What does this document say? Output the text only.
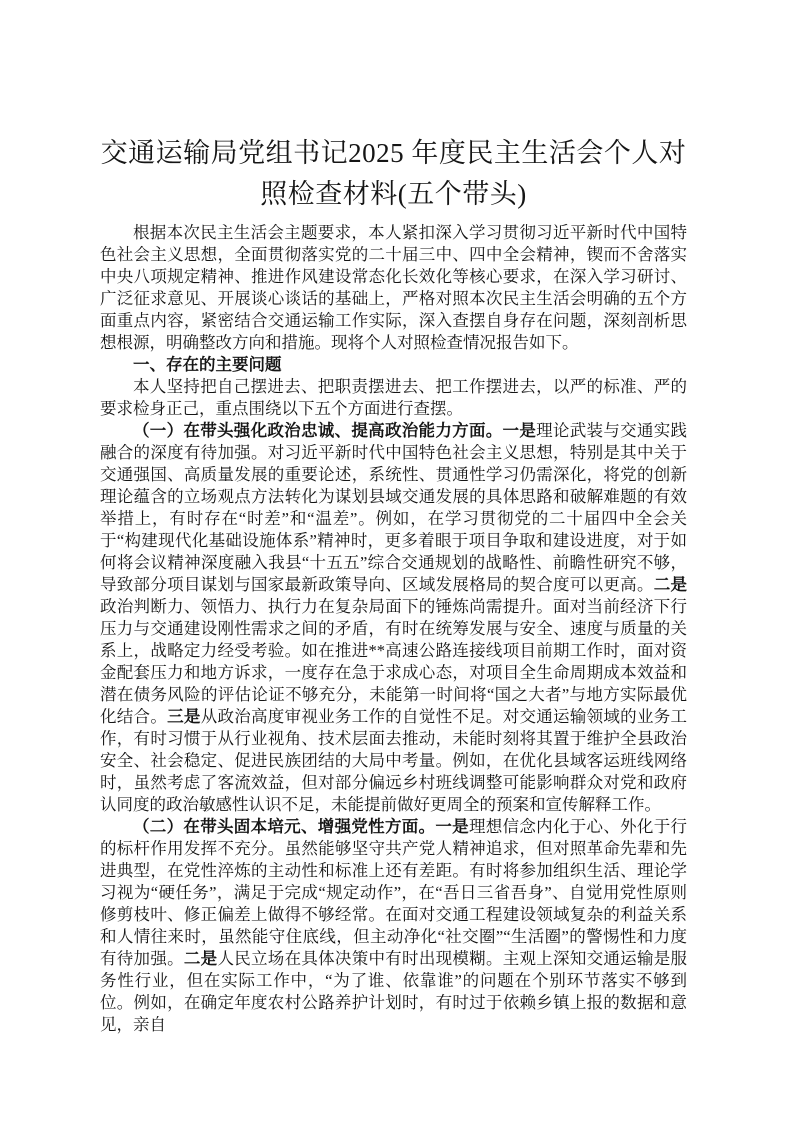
交通运输局党组书记2025 年度民主生活会个人对照检查材料(五个带头)

根据本次民主生活会主题要求，本人紧扣深入学习贯彻习近平新时代中国特色社会主义思想，全面贯彻落实党的二十届三中、四中全会精神，锲而不舍落实中央八项规定精神、推进作风建设常态化长效化等核心要求，在深入学习研讨、广泛征求意见、开展谈心谈话的基础上，严格对照本次民主生活会明确的五个方面重点内容，紧密结合交通运输工作实际，深入查摆自身存在问题，深刻剖析思想根源，明确整改方向和措施。现将个人对照检查情况报告如下。

一、存在的主要问题

本人坚持把自己摆进去、把职责摆进去、把工作摆进去，以严的标准、严的要求检身正己，重点围绕以下五个方面进行查摆。

（一）在带头强化政治忠诚、提高政治能力方面。一是理论武装与交通实践融合的深度有待加强。对习近平新时代中国特色社会主义思想，特别是其中关于交通强国、高质量发展的重要论述，系统性、贯通性学习仍需深化，将党的创新理论蕴含的立场观点方法转化为谋划县域交通发展的具体思路和破解难题的有效举措上，有时存在“时差”和“温差”。例如，在学习贯彻党的二十届四中全会关于“构建现代化基础设施体系”精神时，更多着眼于项目争取和建设进度，对于如何将会议精神深度融入我县“十五五”综合交通规划的战略性、前瞻性研究不够，导致部分项目谋划与国家最新政策导向、区域发展格局的契合度可以更高。二是政治判断力、领悟力、执行力在复杂局面下的锤炼尚需提升。面对当前经济下行压力与交通建设刚性需求之间的矛盾，有时在统筹发展与安全、速度与质量的关系上，战略定力经受考验。如在推进**高速公路连接线项目前期工作时，面对资金配套压力和地方诉求，一度存在急于求成心态，对项目全生命周期成本效益和潜在债务风险的评估论证不够充分，未能第一时间将“国之大者”与地方实际最优化结合。三是从政治高度审视业务工作的自觉性不足。对交通运输领域的业务工作，有时习惯于从行业视角、技术层面去推动，未能时刻将其置于维护全县政治安全、社会稳定、促进民族团结的大局中考量。例如，在优化县域客运班线网络时，虽然考虑了客流效益，但对部分偏远乡村班线调整可能影响群众对党和政府认同度的政治敏感性认识不足，未能提前做好更周全的预案和宣传解释工作。

（二）在带头固本培元、增强党性方面。一是理想信念内化于心、外化于行的标杆作用发挥不充分。虽然能够坚守共产党人精神追求，但对照革命先辈和先进典型，在党性淬炼的主动性和标准上还有差距。有时将参加组织生活、理论学习视为“硬任务”，满足于完成“规定动作”，在“吾日三省吾身”、自觉用党性原则修剪枝叶、修正偏差上做得不够经常。在面对交通工程建设领域复杂的利益关系和人情往来时，虽然能守住底线，但主动净化“社交圈”“生活圈”的警惕性和力度有待加强。二是人民立场在具体决策中有时出现模糊。主观上深知交通运输是服务性行业，但在实际工作中，“为了谁、依靠谁”的问题在个别环节落实不够到位。例如，在确定年度农村公路养护计划时，有时过于依赖乡镇上报的数据和意见，亲自
